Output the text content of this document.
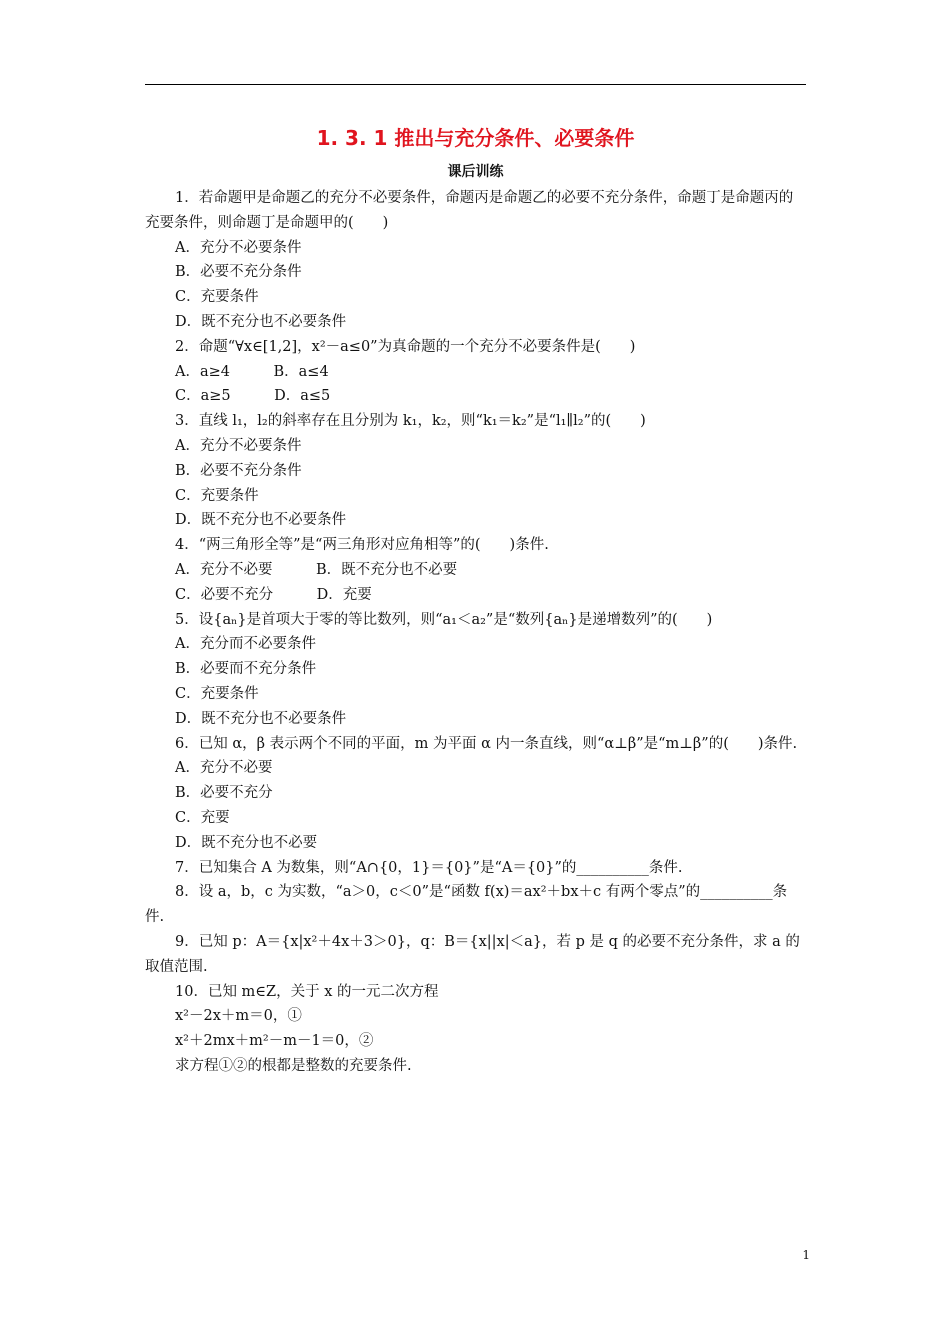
1. 3. 1 推出与充分条件、必要条件
课后训练
1．若命题甲是命题乙的充分不必要条件，命题丙是命题乙的必要不充分条件，命题丁是命题丙的充要条件，则命题丁是命题甲的(　　)
A．充分不必要条件
B．必要不充分条件
C．充要条件
D．既不充分也不必要条件
2．命题“∀x∈[1,2]，x²－a≤0”为真命题的一个充分不必要条件是(　　)
A．a≥4　　　B．a≤4
C．a≥5　　　D．a≤5
3．直线 l₁，l₂的斜率存在且分别为 k₁，k₂，则“k₁＝k₂”是“l₁∥l₂”的(　　)
A．充分不必要条件
B．必要不充分条件
C．充要条件
D．既不充分也不必要条件
4．“两三角形全等”是“两三角形对应角相等”的(　　)条件.
A．充分不必要　　　B．既不充分也不必要
C．必要不充分　　　D．充要
5．设{aₙ}是首项大于零的等比数列，则“a₁＜a₂”是“数列{aₙ}是递增数列”的(　　)
A．充分而不必要条件
B．必要而不充分条件
C．充要条件
D．既不充分也不必要条件
6．已知 α，β 表示两个不同的平面，m 为平面 α 内一条直线，则“α⊥β”是“m⊥β”的(　　)条件.
A．充分不必要
B．必要不充分
C．充要
D．既不充分也不必要
7．已知集合 A 为数集，则“A∩{0，1}＝{0}”是“A＝{0}”的__________条件.
8．设 a，b，c 为实数，“a＞0，c＜0”是“函数 f(x)＝ax²＋bx＋c 有两个零点”的__________条件.
9．已知 p：A＝{x|x²＋4x＋3＞0}，q：B＝{x||x|＜a}，若 p 是 q 的必要不充分条件，求 a 的取值范围.
10．已知 m∈Z，关于 x 的一元二次方程
x²－2x＋m＝0，①
x²＋2mx＋m²－m－1＝0，②
求方程①②的根都是整数的充要条件.
1
